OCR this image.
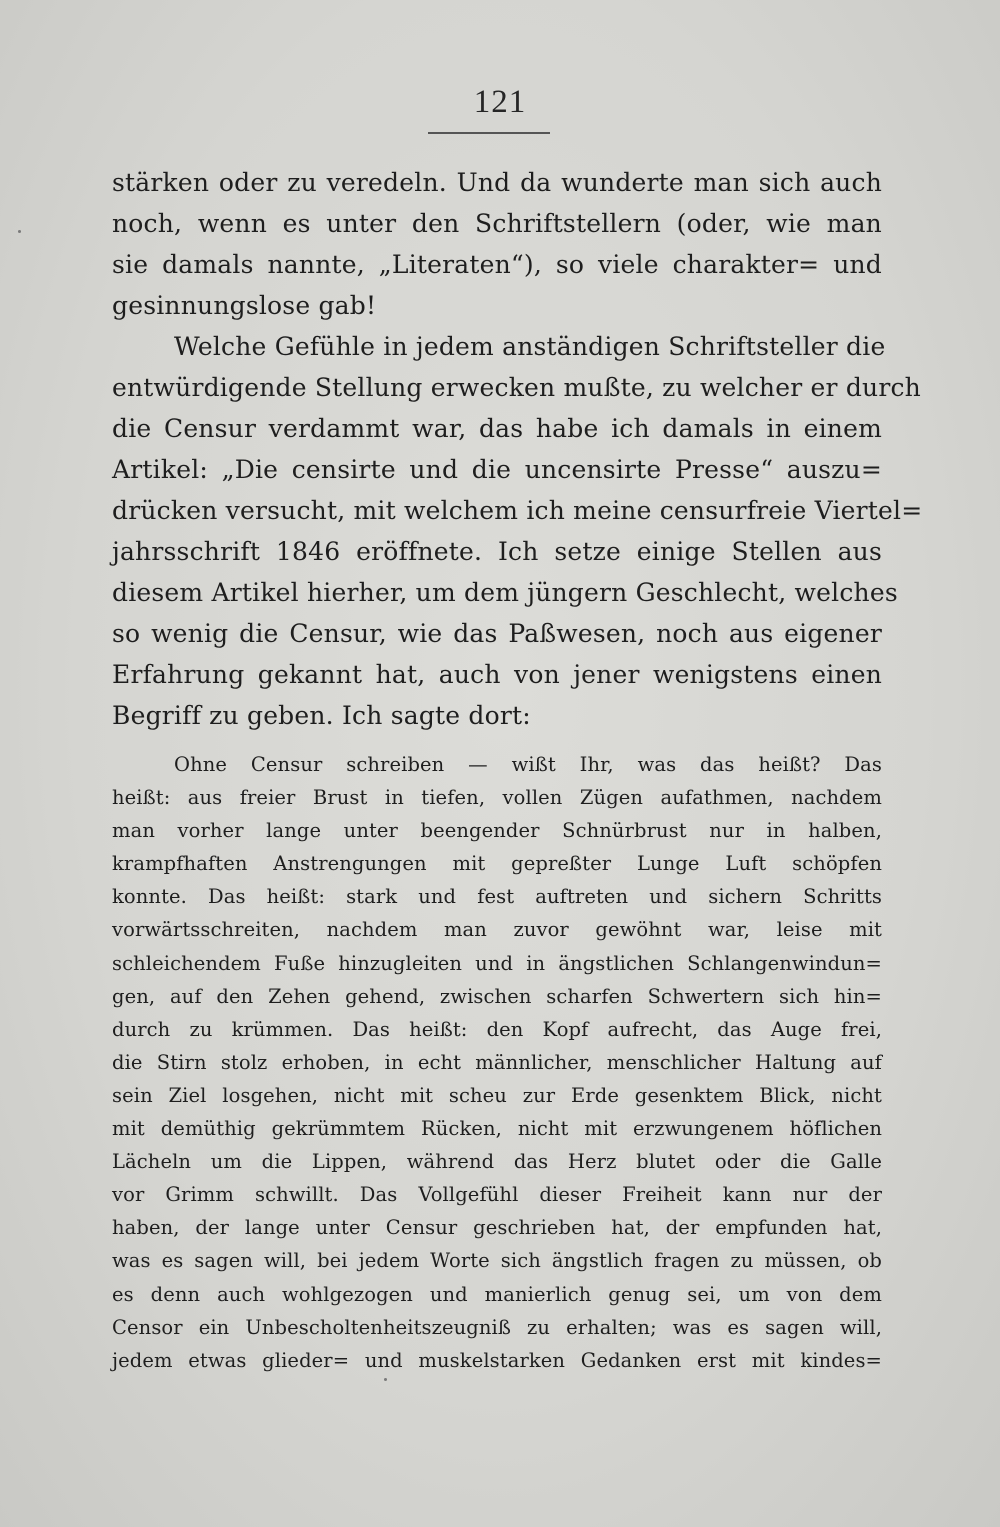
121
stärken oder zu veredeln. Und da wunderte man sich auch
noch, wenn es unter den Schriftstellern (oder, wie man
sie damals nannte, „Literaten“), so viele charakter= und
gesinnungslose gab!
Welche Gefühle in jedem anständigen Schriftsteller die
entwürdigende Stellung erwecken mußte, zu welcher er durch
die Censur verdammt war, das habe ich damals in einem
Artikel: „Die censirte und die uncensirte Presse“ auszu=
drücken versucht, mit welchem ich meine censurfreie Viertel=
jahrsschrift 1846 eröffnete. Ich setze einige Stellen aus
diesem Artikel hierher, um dem jüngern Geschlecht, welches
so wenig die Censur, wie das Paßwesen, noch aus eigener
Erfahrung gekannt hat, auch von jener wenigstens einen
Begriff zu geben. Ich sagte dort:
Ohne Censur schreiben — wißt Ihr, was das heißt? Das
heißt: aus freier Brust in tiefen, vollen Zügen aufathmen, nachdem
man vorher lange unter beengender Schnürbrust nur in halben,
krampfhaften Anstrengungen mit gepreßter Lunge Luft schöpfen
konnte. Das heißt: stark und fest auftreten und sichern Schritts
vorwärtsschreiten, nachdem man zuvor gewöhnt war, leise mit
schleichendem Fuße hinzugleiten und in ängstlichen Schlangenwindun=
gen, auf den Zehen gehend, zwischen scharfen Schwertern sich hin=
durch zu krümmen. Das heißt: den Kopf aufrecht, das Auge frei,
die Stirn stolz erhoben, in echt männlicher, menschlicher Haltung auf
sein Ziel losgehen, nicht mit scheu zur Erde gesenktem Blick, nicht
mit demüthig gekrümmtem Rücken, nicht mit erzwungenem höflichen
Lächeln um die Lippen, während das Herz blutet oder die Galle
vor Grimm schwillt. Das Vollgefühl dieser Freiheit kann nur der
haben, der lange unter Censur geschrieben hat, der empfunden hat,
was es sagen will, bei jedem Worte sich ängstlich fragen zu müssen, ob
es denn auch wohlgezogen und manierlich genug sei, um von dem
Censor ein Unbescholtenheitszeugniß zu erhalten; was es sagen will,
jedem etwas glieder= und muskelstarken Gedanken erst mit kindes=
